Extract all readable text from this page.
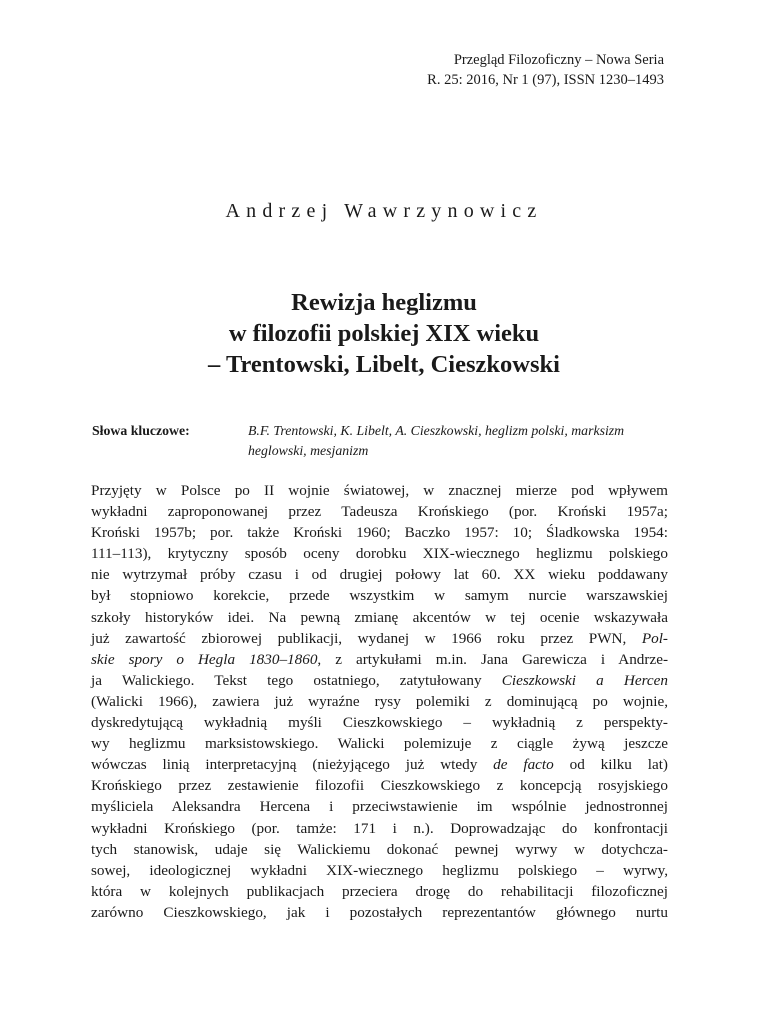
Przegląd Filozoficzny – Nowa Seria
R. 25: 2016, Nr 1 (97), ISSN 1230–1493
Andrzej Wawrzynowicz
Rewizja heglizmu
w filozofii polskiej XIX wieku
– Trentowski, Libelt, Cieszkowski
Słowa kluczowe:	B.F. Trentowski, K. Libelt, A. Cieszkowski, heglizm polski, marksizm
heglowski, mesjanizm
Przyjęty w Polsce po II wojnie światowej, w znacznej mierze pod wpływem
wykładni zaproponowanej przez Tadeusza Krońskiego (por. Kroński 1957a;
Kroński 1957b; por. także Kroński 1960; Baczko 1957: 10; Śladkowska 1954:
111–113), krytyczny sposób oceny dorobku XIX-wiecznego heglizmu polskiego
nie wytrzymał próby czasu i od drugiej połowy lat 60. XX wieku poddawany
był stopniowo korekcie, przede wszystkim w samym nurcie warszawskiej
szkoły historyków idei. Na pewną zmianę akcentów w tej ocenie wskazywała
już zawartość zbiorowej publikacji, wydanej w 1966 roku przez PWN, Pol-
skie spory o Hegla 1830–1860, z artykułami m.in. Jana Garewicza i Andrze-
ja Walickiego. Tekst tego ostatniego, zatytułowany Cieszkowski a Hercen
(Walicki 1966), zawiera już wyraźne rysy polemiki z dominującą po wojnie,
dyskredytującą wykładnią myśli Cieszkowskiego – wykładnią z perspekty-
wy heglizmu marksistowskiego. Walicki polemizuje z ciągle żywą jeszcze
wówczas linią interpretacyjną (nieżyjącego już wtedy de facto od kilku lat)
Krońskiego przez zestawienie filozofii Cieszkowskiego z koncepcją rosyjskiego
myśliciela Aleksandra Hercena i przeciwstawienie im wspólnie jednostronnej
wykładni Krońskiego (por. tamże: 171 i n.). Doprowadzając do konfrontacji
tych stanowisk, udaje się Walickiemu dokonać pewnej wyrwy w dotychcza-
sowej, ideologicznej wykładni XIX-wiecznego heglizmu polskiego – wyrwy,
która w kolejnych publikacjach przeciera drogę do rehabilitacji filozoficznej
zarówno Cieszkowskiego, jak i pozostałych reprezentantów głównego nurtu
